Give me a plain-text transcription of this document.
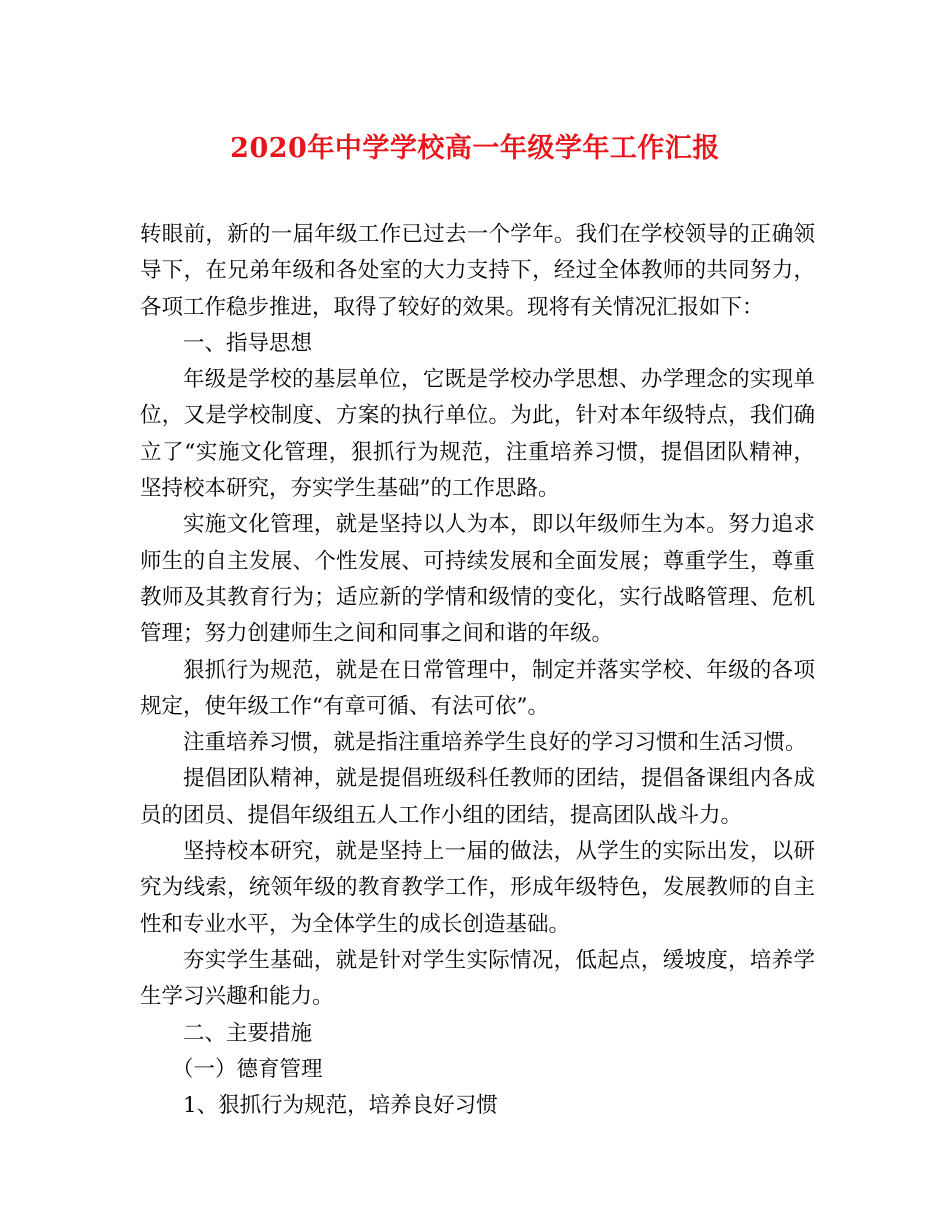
2020年中学学校高一年级学年工作汇报

转眼前，新的一届年级工作已过去一个学年。我们在学校领导的正确领导下，在兄弟年级和各处室的大力支持下，经过全体教师的共同努力，各项工作稳步推进，取得了较好的效果。现将有关情况汇报如下：

一、指导思想

年级是学校的基层单位，它既是学校办学思想、办学理念的实现单位，又是学校制度、方案的执行单位。为此，针对本年级特点，我们确立了“实施文化管理，狠抓行为规范，注重培养习惯，提倡团队精神，坚持校本研究，夯实学生基础”的工作思路。

实施文化管理，就是坚持以人为本，即以年级师生为本。努力追求师生的自主发展、个性发展、可持续发展和全面发展；尊重学生，尊重教师及其教育行为；适应新的学情和级情的变化，实行战略管理、危机管理；努力创建师生之间和同事之间和谐的年级。

狠抓行为规范，就是在日常管理中，制定并落实学校、年级的各项规定，使年级工作“有章可循、有法可依”。

注重培养习惯，就是指注重培养学生良好的学习习惯和生活习惯。

提倡团队精神，就是提倡班级科任教师的团结，提倡备课组内各成员的团员、提倡年级组五人工作小组的团结，提高团队战斗力。

坚持校本研究，就是坚持上一届的做法，从学生的实际出发，以研究为线索，统领年级的教育教学工作，形成年级特色，发展教师的自主性和专业水平，为全体学生的成长创造基础。

夯实学生基础，就是针对学生实际情况，低起点，缓坡度，培养学生学习兴趣和能力。

二、主要措施

（一）德育管理

1、狠抓行为规范，培养良好习惯
